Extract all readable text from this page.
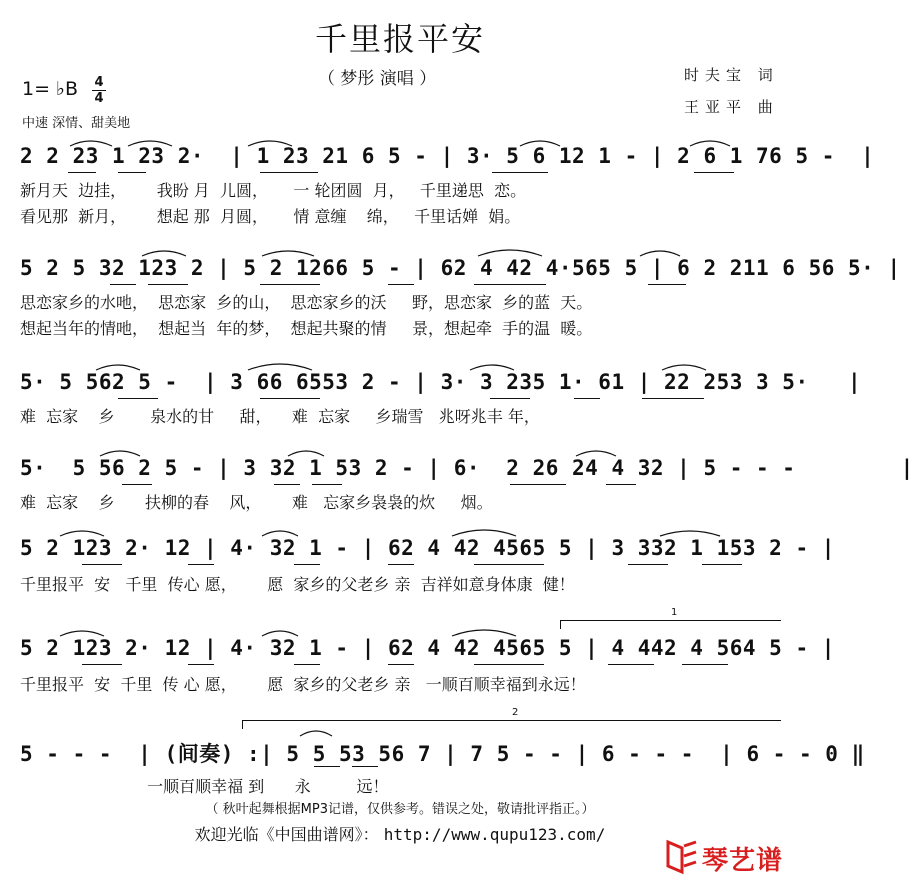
千里报平安
（ 梦彤 演唱 ）	时夫宝 词
王亚平 曲
1= ♭B 4
4
中速 深情、甜美地
2 2 23 1 23 2·  | 1 23 21 6 5 - | 3· 5 6 12 1 - | 2 6 1 76 5 -  |
新月天  边挂，      我盼 月  儿圆，     一 轮团圆  月，   千里递思  恋。
看见那  新月，      想起 那  月圆，     情 意缠    绵，   千里话婵  娟。
5 2 5 32 123 2 | 5 2 1266 5 - | 62 4 42 4·565 5 | 6 2 211 6 56 5· |
思恋家乡的水吔，  思恋家  乡的山，  思恋家乡的沃     野，思恋家  乡的蓝  天。
想起当年的情吔，  想起当  年的梦，  想起共聚的情     景，想起牵  手的温  暖。
5· 5 562 5 -  | 3 66 6553 2 - | 3· 3 235 1· 61 | 22 253 3 5·   |
难  忘家    乡       泉水的甘     甜，    难  忘家     乡瑞雪   兆呀兆丰 年，
5·  5 56 2 5 - | 3 32 1 53 2 - | 6·  2 26 24 4 32 | 5 - - -        |
难  忘家    乡      扶柳的春    风，      难   忘家乡袅袅的炊     烟。
5 2 123 2· 12 | 4· 32 1 - | 62 4 42 4565 5 | 3 332 1 153 2 - |
千里报平  安   千里  传心 愿，      愿  家乡的父老乡 亲  吉祥如意身体康  健！
1
5 2 123 2· 12 | 4· 32 1 - | 62 4 42 4565 5 | 4 442 4 564 5 - |
千里报平  安  千里  传 心 愿，      愿  家乡的父老乡 亲   一顺百顺幸福到永远！
2
5 - - -  | (间奏) :| 5 5 53 56 7 | 7 5 - - | 6 - - -  | 6 - - 0 ‖
一顺百顺幸福 到      永         远！
（ 秋叶起舞根据MP3记谱，仅供参考。错误之处，敬请批评指正。）
欢迎光临《中国曲谱网》： http://www.qupu123.com/
琴艺谱
